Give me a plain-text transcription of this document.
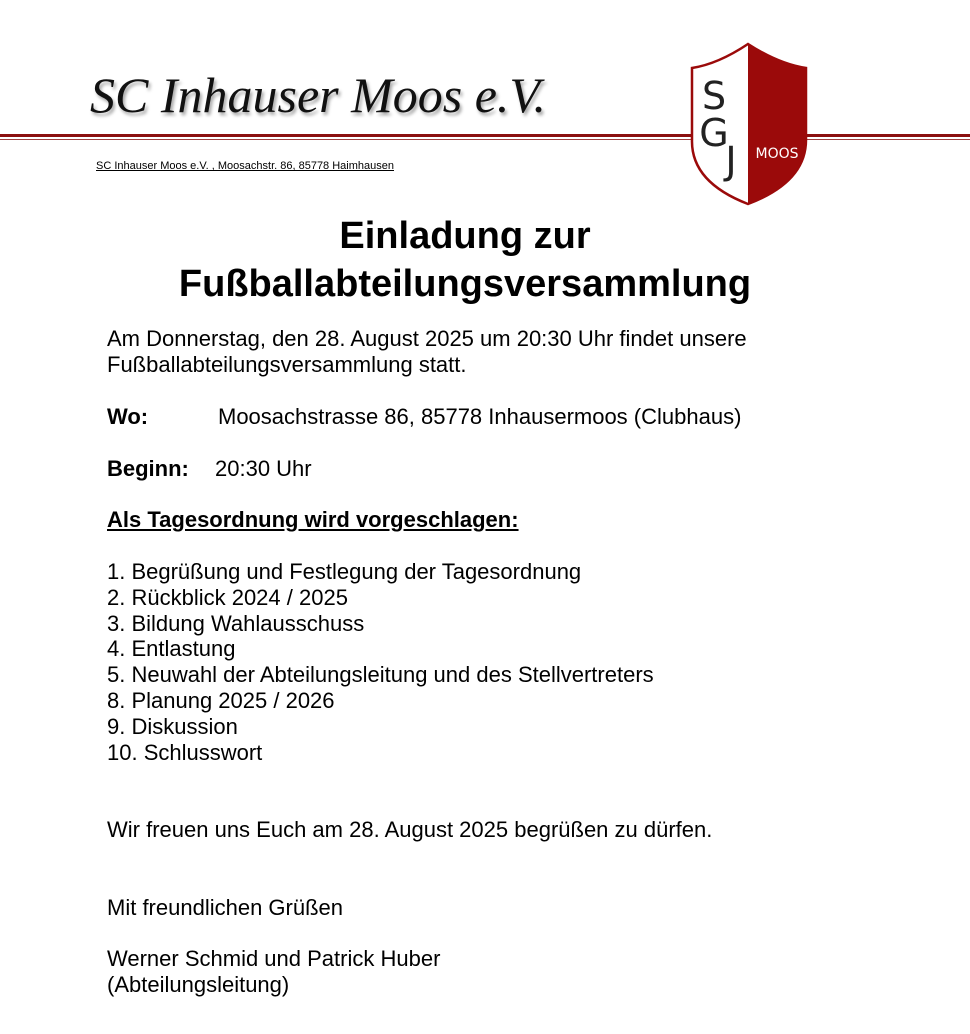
SC Inhauser Moos e.V.
SC Inhauser Moos e.V. , Moosachstr. 86, 85778 Haimhausen
S
G
J MOOS
Einladung zur
Fußballabteilungsversammlung
Am Donnerstag, den 28. August 2025 um 20:30 Uhr findet unsere
Fußballabteilungsversammlung statt.
Wo:	Moosachstrasse 86, 85778 Inhausermoos (Clubhaus)
Beginn: 20:30 Uhr
Als Tagesordnung wird vorgeschlagen:
1. Begrüßung und Festlegung der Tagesordnung
2. Rückblick 2024 / 2025
3. Bildung Wahlausschuss
4. Entlastung
5. Neuwahl der Abteilungsleitung und des Stellvertreters
8. Planung 2025 / 2026
9. Diskussion
10. Schlusswort
Wir freuen uns Euch am 28. August 2025 begrüßen zu dürfen.
Mit freundlichen Grüßen
Werner Schmid und Patrick Huber
(Abteilungsleitung)
